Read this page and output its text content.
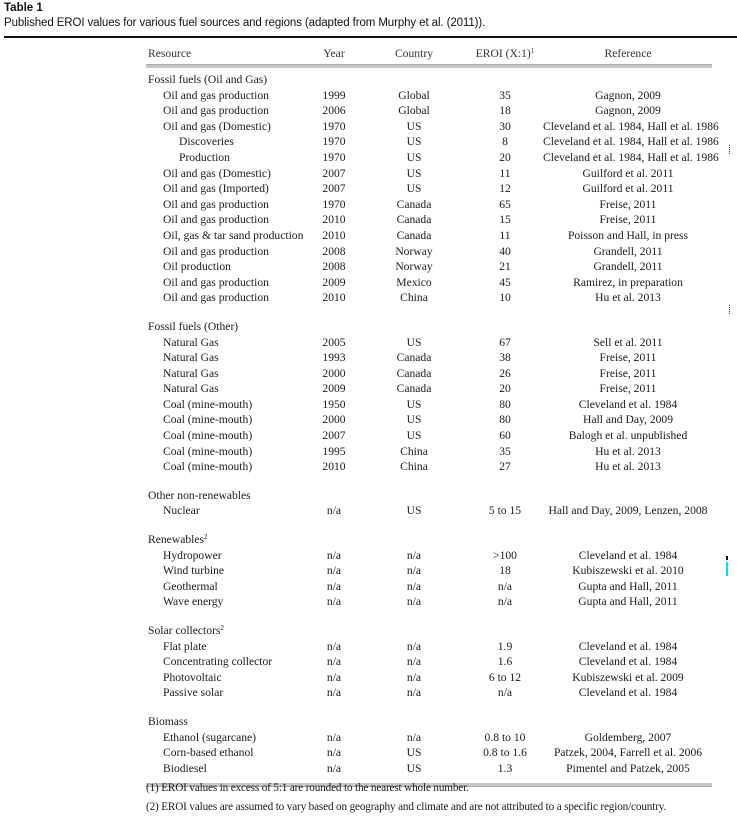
Table 1
Published EROI values for various fuel sources and regions (adapted from Murphy et al. (2011)).
Resource	Year	Country	EROI (X:1)$^1$	Reference
Fossil fuels (Oil and Gas)
Oil and gas production	1999	Global	35	Gagnon, 2009
Oil and gas production	2006	Global	18	Gagnon, 2009
Oil and gas (Domestic)	1970	US	30	Cleveland et al. 1984, Hall et al. 1986
Discoveries	1970	US	8	Cleveland et al. 1984, Hall et al. 1986
Production	1970	US	20	Cleveland et al. 1984, Hall et al. 1986
Oil and gas (Domestic)	2007	US	11	Guilford et al. 2011
Oil and gas (Imported)	2007	US	12	Guilford et al. 2011
Oil and gas production	1970	Canada	65	Freise, 2011
Oil and gas production	2010	Canada	15	Freise, 2011
Oil, gas & tar sand production 2010	Canada	11	Poisson and Hall, in press
Oil and gas production	2008	Norway	40	Grandell, 2011
Oil production	2008	Norway	21	Grandell, 2011
Oil and gas production	2009	Mexico	45	Ramirez, in preparation
Oil and gas production	2010	China	10	Hu et al. 2013
Fossil fuels (Other)
Natural Gas	2005	US	67	Sell et al. 2011
Natural Gas	1993	Canada	38	Freise, 2011
Natural Gas	2000	Canada	26	Freise, 2011
Natural Gas	2009	Canada	20	Freise, 2011
Coal (mine-mouth)	1950	US	80	Cleveland et al. 1984
Coal (mine-mouth)	2000	US	80	Hall and Day, 2009
Coal (mine-mouth)	2007	US	60	Balogh et al. unpublished
Coal (mine-mouth)	1995	China	35	Hu et al. 2013
Coal (mine-mouth)	2010	China	27	Hu et al. 2013
Other non-renewables
Nuclear	n/a	US	5 to 15	Hall and Day, 2009, Lenzen, 2008
Renewables$^2$
Hydropower	n/a	n/a	>100	Cleveland et al. 1984
Wind turbine	n/a	n/a	18	Kubiszewski et al. 2010
Geothermal	n/a	n/a	n/a	Gupta and Hall, 2011
Wave energy	n/a	n/a	n/a	Gupta and Hall, 2011
Solar collectors$^2$
Flat plate	n/a	n/a	1.9	Cleveland et al. 1984
Concentrating collector	n/a	n/a	1.6	Cleveland et al. 1984
Photovoltaic	n/a	n/a	6 to 12	Kubiszewski et al. 2009
Passive solar	n/a	n/a	n/a	Cleveland et al. 1984
Biomass
Ethanol (sugarcane)	n/a	n/a	0.8 to 10	Goldemberg, 2007
Corn-based ethanol	n/a	US	0.8 to 1.6	Patzek, 2004, Farrell et al. 2006
Biodiesel	n/a	US	1.3	Pimentel and Patzek, 2005
(1) EROI values in excess of 5:1 are rounded to the nearest whole number.
(2) EROI values are assumed to vary based on geography and climate and are not attributed to a specific region/country.
